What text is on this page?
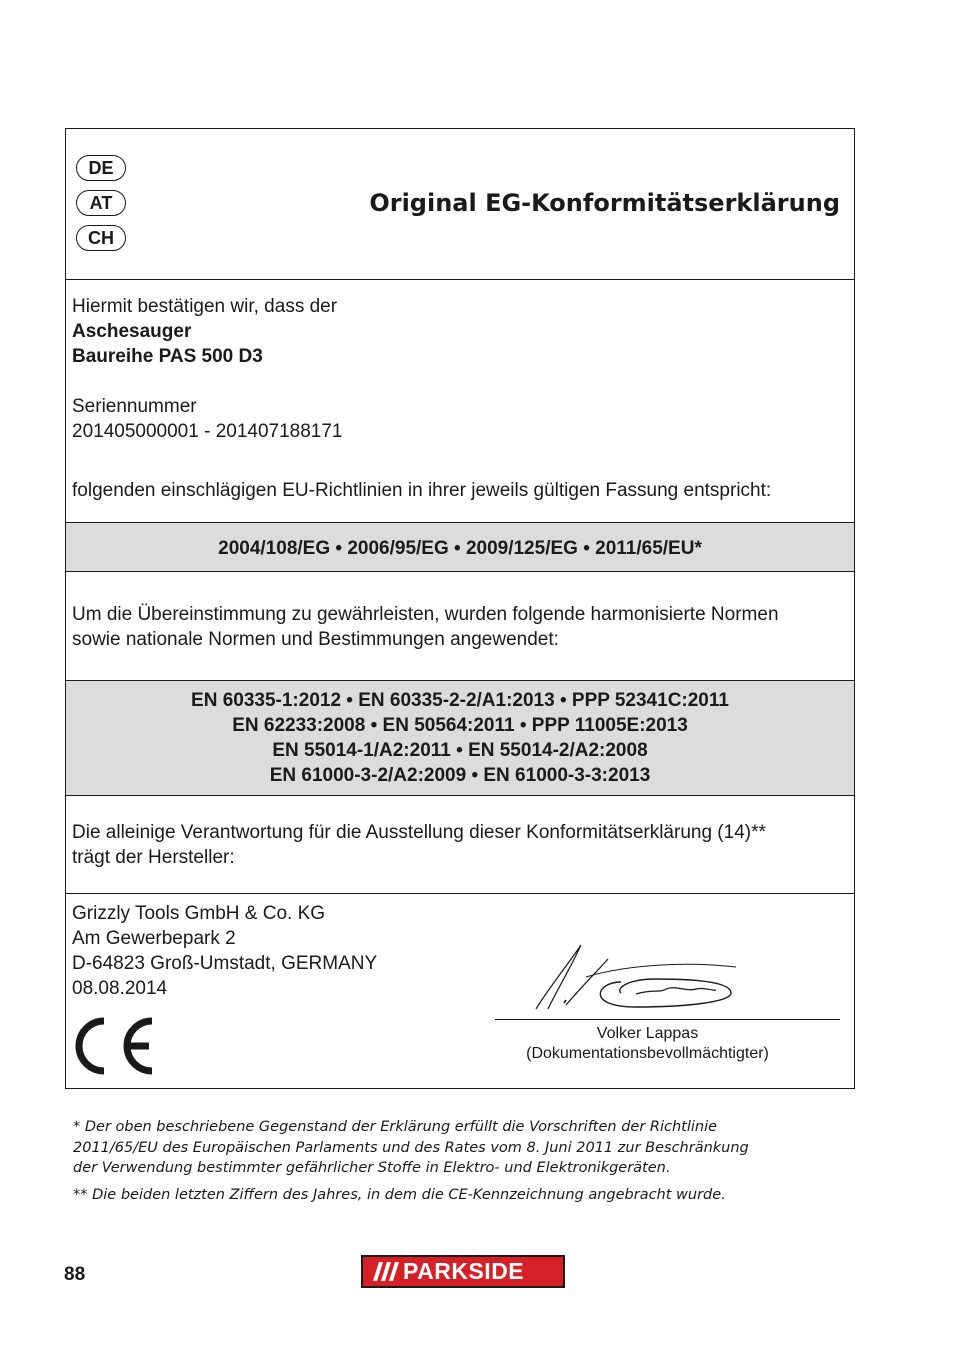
DE
AT
CH
Original EG-Konformitätserklärung

Hiermit bestätigen wir, dass der

Aschesauger

Baureihe PAS 500 D3

Seriennummer

201405000001 - 201407188171

folgenden einschlägigen EU-Richtlinien in ihrer jeweils gültigen Fassung entspricht:

2004/108/EG • 2006/95/EG • 2009/125/EG • 2011/65/EU*

Um die Übereinstimmung zu gewährleisten, wurden folgende harmonisierte Normen

sowie nationale Normen und Bestimmungen angewendet:

EN 60335-1:2012 • EN 60335-2-2/A1:2013 • PPP 52341C:2011

EN 62233:2008 • EN 50564:2011 • PPP 11005E:2013

EN 55014-1/A2:2011 • EN 55014-2/A2:2008

EN 61000-3-2/A2:2009 • EN 61000-3-3:2013

Die alleinige Verantwortung für die Ausstellung dieser Konformitätserklärung (14)**

trägt der Hersteller:

Grizzly Tools GmbH & Co. KG

Am Gewerbepark 2

D-64823 Groß-Umstadt, GERMANY

08.08.2014

Volker Lappas
(Dokumentationsbevollmächtigter)

* Der oben beschriebene Gegenstand der Erklärung erfüllt die Vorschriften der Richtlinie
2011/65/EU des Europäischen Parlaments und des Rates vom 8. Juni 2011 zur Beschränkung
der Verwendung bestimmter gefährlicher Stoffe in Elektro- und Elektronikgeräten.

** Die beiden letzten Ziffern des Jahres, in dem die CE-Kennzeichnung angebracht wurde.

88	PARKSIDE
